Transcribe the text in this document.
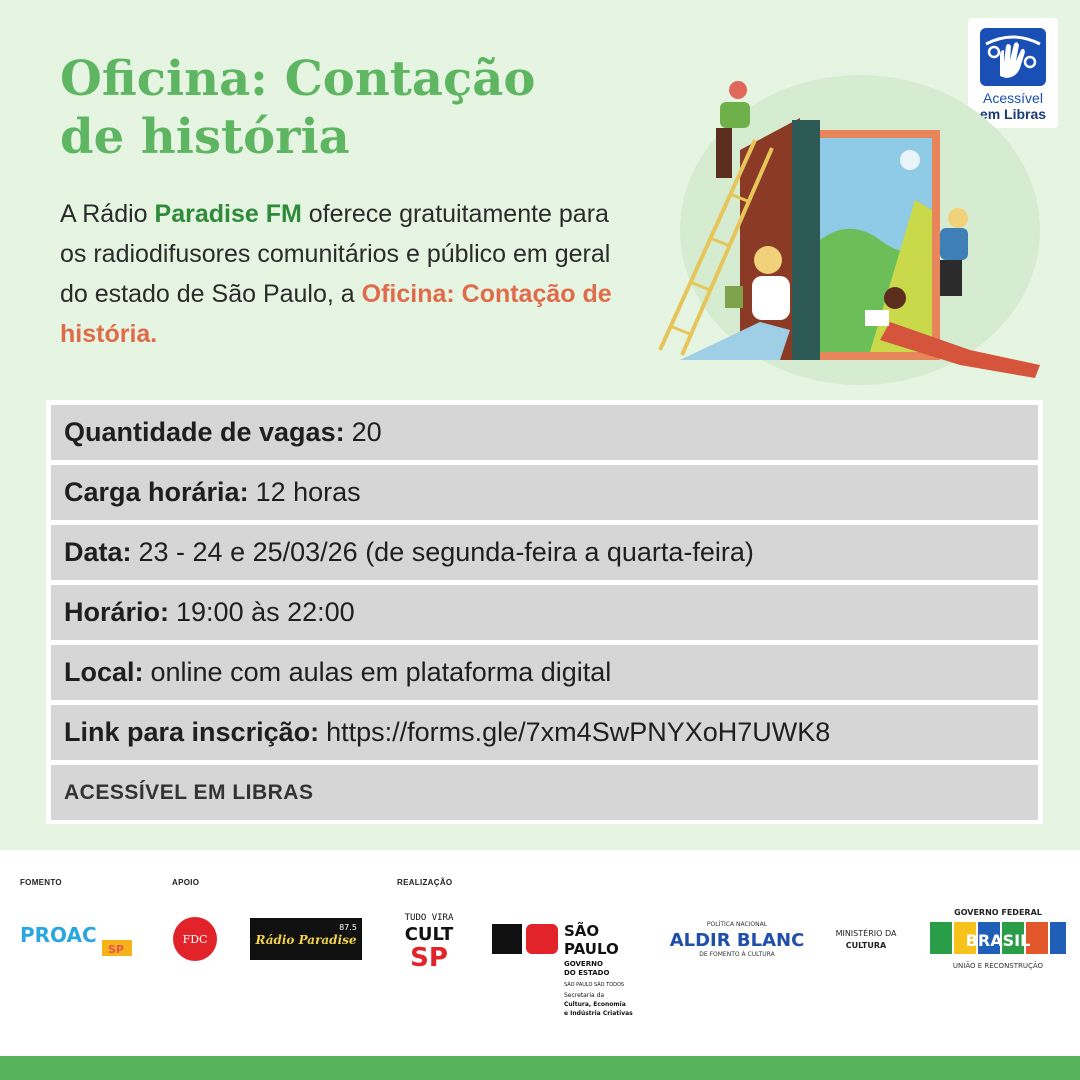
Oficina: Contação
de história

A Rádio Paradise FM oferece gratuitamente para os radiodifusores comunitários e público em geral do estado de São Paulo, a Oficina: Contação de história.

Acessível
em Libras
Quantidade de vagas: 20
Carga horária: 12 horas
Data: 23 - 24 e 25/03/26 (de segunda-feira a quarta-feira)
Horário: 19:00 às 22:00
Local: online com aulas em plataforma digital
Link para inscrição: https://forms.gle/7xm4SwPNYXoH7UWK8
ACESSÍVEL EM LIBRAS
FOMENTO	APOIO	REALIZAÇÃO
PROAC
SP
FDC	Rádio Paradise
87.5
TUDO VIRA
CULT
SP
SÃO
PAULO
GOVERNO
DO ESTADO
SÃO PAULO SÃO TODOS
Secretaria da
Cultura, Economia
e Indústria Criativas
POLÍTICA NACIONAL
ALDIR BLANC
DE FOMENTO À CULTURA
MINISTÉRIO DA
CULTURA
GOVERNO FEDERAL
BRASIL
UNIÃO E RECONSTRUÇÃO
